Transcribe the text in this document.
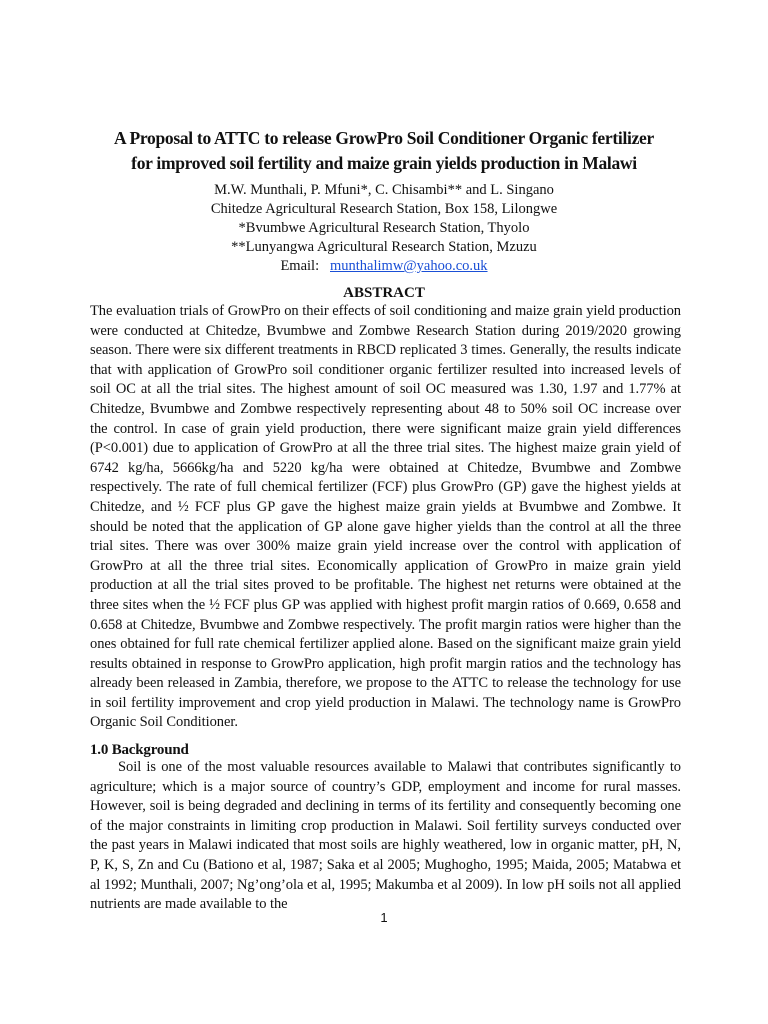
A Proposal to ATTC to release GrowPro Soil Conditioner Organic fertilizer
for improved soil fertility and maize grain yields production in Malawi
M.W. Munthali, P. Mfuni*, C. Chisambi** and L. Singano
Chitedze Agricultural Research Station, Box 158, Lilongwe
*Bvumbwe Agricultural Research Station, Thyolo
**Lunyangwa Agricultural Research Station, Mzuzu
Email: munthalimw@yahoo.co.uk
ABSTRACT

The evaluation trials of GrowPro on their effects of soil conditioning and maize grain yield production were conducted at Chitedze, Bvumbwe and Zombwe Research Station during 2019/2020 growing season. There were six different treatments in RBCD replicated 3 times. Generally, the results indicate that with application of GrowPro soil conditioner organic fertilizer resulted into increased levels of soil OC at all the trial sites. The highest amount of soil OC measured was 1.30, 1.97 and 1.77% at Chitedze, Bvumbwe and Zombwe respectively representing about 48 to 50% soil OC increase over the control. In case of grain yield production, there were significant maize grain yield differences (P<0.001) due to application of GrowPro at all the three trial sites. The highest maize grain yield of 6742 kg/ha, 5666kg/ha and 5220 kg/ha were obtained at Chitedze, Bvumbwe and Zombwe respectively. The rate of full chemical fertilizer (FCF) plus GrowPro (GP) gave the highest yields at Chitedze, and ½ FCF plus GP gave the highest maize grain yields at Bvumbwe and Zombwe. It should be noted that the application of GP alone gave higher yields than the control at all the three trial sites. There was over 300% maize grain yield increase over the control with application of GrowPro at all the three trial sites. Economically application of GrowPro in maize grain yield production at all the trial sites proved to be profitable. The highest net returns were obtained at the three sites when the ½ FCF plus GP was applied with highest profit margin ratios of 0.669, 0.658 and 0.658 at Chitedze, Bvumbwe and Zombwe respectively. The profit margin ratios were higher than the ones obtained for full rate chemical fertilizer applied alone. Based on the significant maize grain yield results obtained in response to GrowPro application, high profit margin ratios and the technology has already been released in Zambia, therefore, we propose to the ATTC to release the technology for use in soil fertility improvement and crop yield production in Malawi. The technology name is GrowPro Organic Soil Conditioner.

1.0 Background

Soil is one of the most valuable resources available to Malawi that contributes significantly to agriculture; which is a major source of country’s GDP, employment and income for rural masses. However, soil is being degraded and declining in terms of its fertility and consequently becoming one of the major constraints in limiting crop production in Malawi. Soil fertility surveys conducted over the past years in Malawi indicated that most soils are highly weathered, low in organic matter, pH, N, P, K, S, Zn and Cu (Bationo et al, 1987; Saka et al 2005; Mughogho, 1995; Maida, 2005; Matabwa et al 1992; Munthali, 2007; Ng’ong’ola et al, 1995; Makumba et al 2009). In low pH soils not all applied nutrients are made available to the

1
